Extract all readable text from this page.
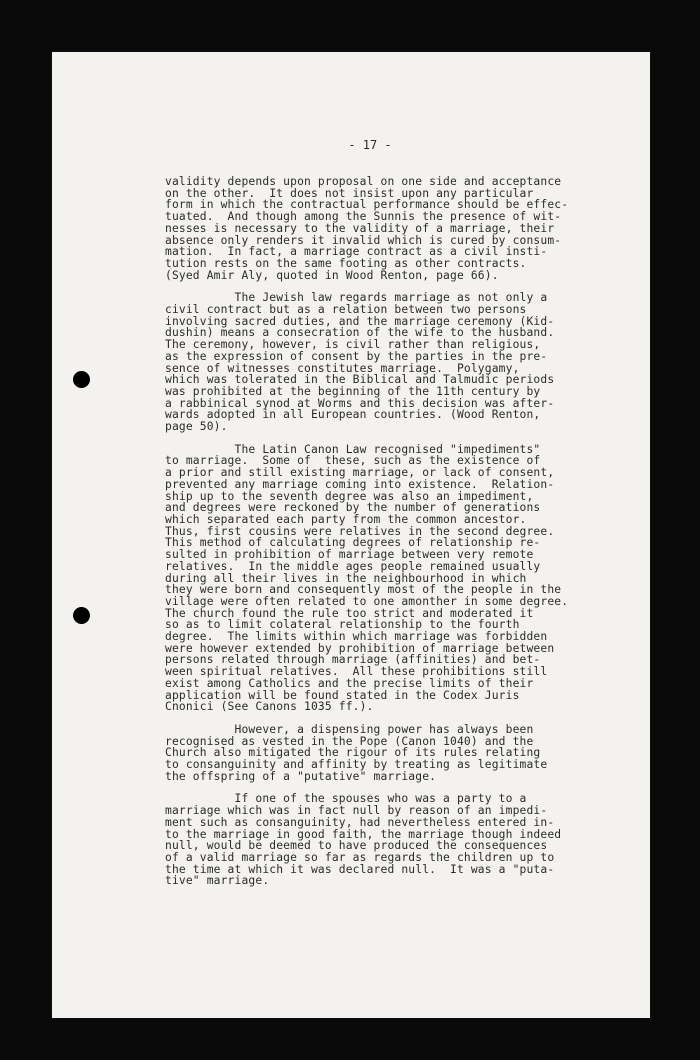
- 17 -

validity depends upon proposal on one side and acceptance
on the other.  It does not insist upon any particular
form in which the contractual performance should be effec-
tuated.  And though among the Sunnis the presence of wit-
nesses is necessary to the validity of a marriage, their
absence only renders it invalid which is cured by consum-
mation.  In fact, a marriage contract as a civil insti-
tution rests on the same footing as other contracts.
(Syed Amir Aly, quoted in Wood Renton, page 66).

The Jewish law regards marriage as not only a
civil contract but as a relation between two persons
involving sacred duties, and the marriage ceremony (Kid-
dushin) means a consecration of the wife to the husband.
The ceremony, however, is civil rather than religious,
as the expression of consent by the parties in the pre-
sence of witnesses constitutes marriage.  Polygamy,
which was tolerated in the Biblical and Talmudic periods
was prohibited at the beginning of the 11th century by
a rabbinical synod at Worms and this decision was after-
wards adopted in all European countries. (Wood Renton,
page 50).

The Latin Canon Law recognised "impediments"
to marriage.  Some of  these, such as the existence of
a prior and still existing marriage, or lack of consent,
prevented any marriage coming into existence.  Relation-
ship up to the seventh degree was also an impediment,
and degrees were reckoned by the number of generations
which separated each party from the common ancestor.
Thus, first cousins were relatives in the second degree.
This method of calculating degrees of relationship re-
sulted in prohibition of marriage between very remote
relatives.  In the middle ages people remained usually
during all their lives in the neighbourhood in which
they were born and consequently most of the people in the
village were often related to one amonther in some degree.
The church found the rule too strict and moderated it
so as to limit colateral relationship to the fourth
degree.  The limits within which marriage was forbidden
were however extended by prohibition of marriage between
persons related through marriage (affinities) and bet-
ween spiritual relatives.  All these prohibitions still
exist among Catholics and the precise limits of their
application will be found stated in the Codex Juris
Cnonici (See Canons 1035 ff.).

However, a dispensing power has always been
recognised as vested in the Pope (Canon 1040) and the
Church also mitigated the rigour of its rules relating
to consanguinity and affinity by treating as legitimate
the offspring of a "putative" marriage.

If one of the spouses who was a party to a
marriage which was in fact null by reason of an impedi-
ment such as consanguinity, had nevertheless entered in-
to the marriage in good faith, the marriage though indeed
null, would be deemed to have produced the consequences
of a valid marriage so far as regards the children up to
the time at which it was declared null.  It was a "puta-
tive" marriage.
